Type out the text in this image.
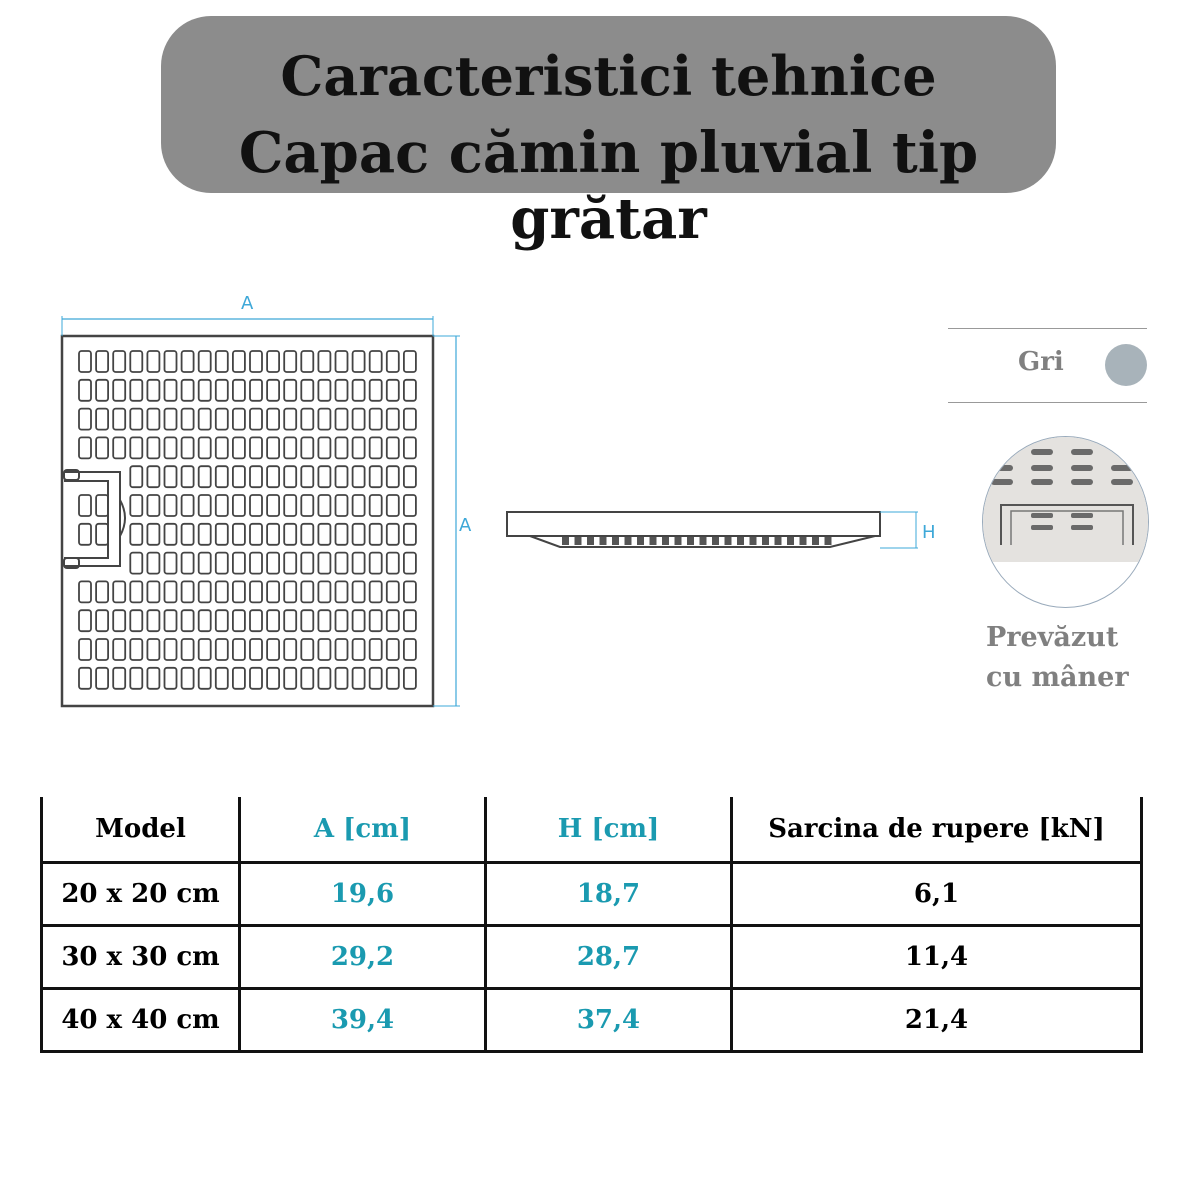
Caracteristici tehnice
Capac cămin pluvial tip grătar
A
A	H
Gri
Prevăzut
cu mâner
Model	A [cm]	H [cm]	Sarcina de rupere [kN]
20 x 20 cm	19,6	18,7	6,1
30 x 30 cm	29,2	28,7	11,4
40 x 40 cm	39,4	37,4	21,4
